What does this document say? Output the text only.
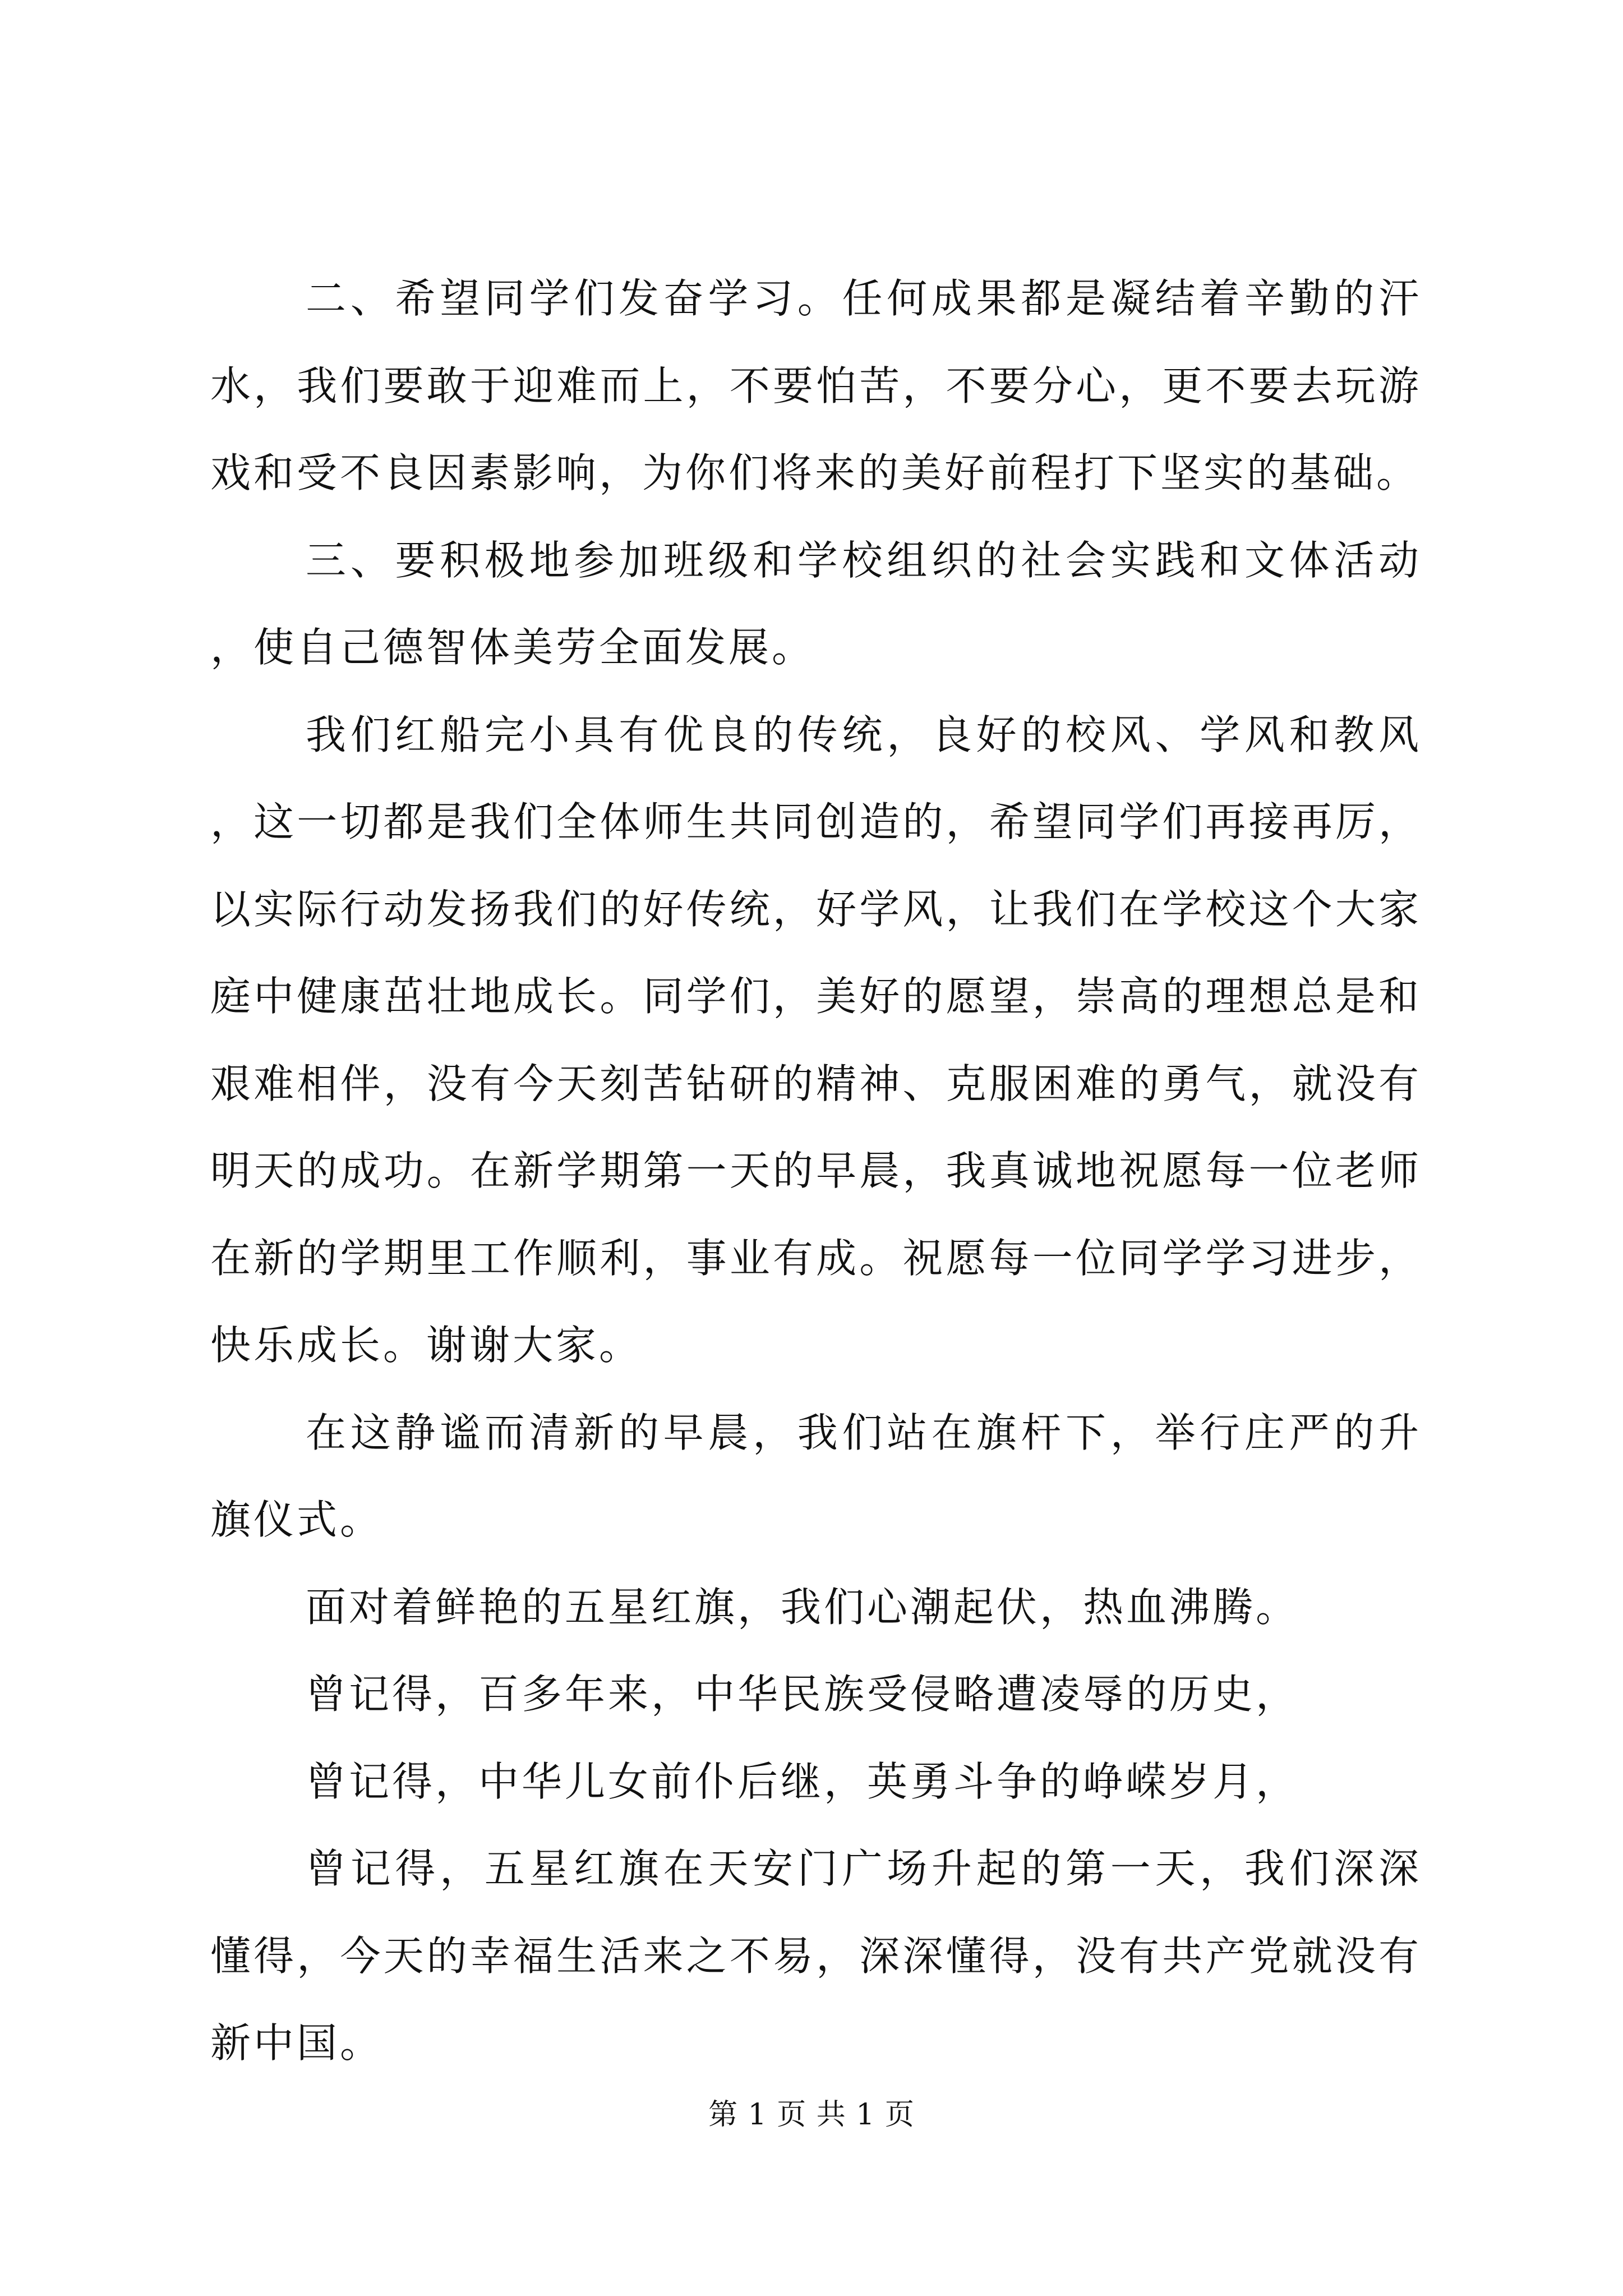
二、希望同学们发奋学习。任何成果都是凝结着辛勤的汗水，我们要敢于迎难而上，不要怕苦，不要分心，更不要去玩游戏和受不良因素影响，为你们将来的美好前程打下坚实的基础。

三、要积极地参加班级和学校组织的社会实践和文体活动，使自己德智体美劳全面发展。

我们红船完小具有优良的传统，良好的校风、学风和教风，这一切都是我们全体师生共同创造的，希望同学们再接再厉，以实际行动发扬我们的好传统，好学风，让我们在学校这个大家庭中健康茁壮地成长。同学们，美好的愿望，崇高的理想总是和艰难相伴，没有今天刻苦钻研的精神、克服困难的勇气，就没有明天的成功。在新学期第一天的早晨，我真诚地祝愿每一位老师在新的学期里工作顺利，事业有成。祝愿每一位同学学习进步，快乐成长。谢谢大家。

在这静谧而清新的早晨，我们站在旗杆下，举行庄严的升旗仪式。

面对着鲜艳的五星红旗，我们心潮起伏，热血沸腾。

曾记得，百多年来，中华民族受侵略遭凌辱的历史，

曾记得，中华儿女前仆后继，英勇斗争的峥嵘岁月，

曾记得，五星红旗在天安门广场升起的第一天，我们深深懂得，今天的幸福生活来之不易，深深懂得，没有共产党就没有新中国。

第 1 页 共 1 页
